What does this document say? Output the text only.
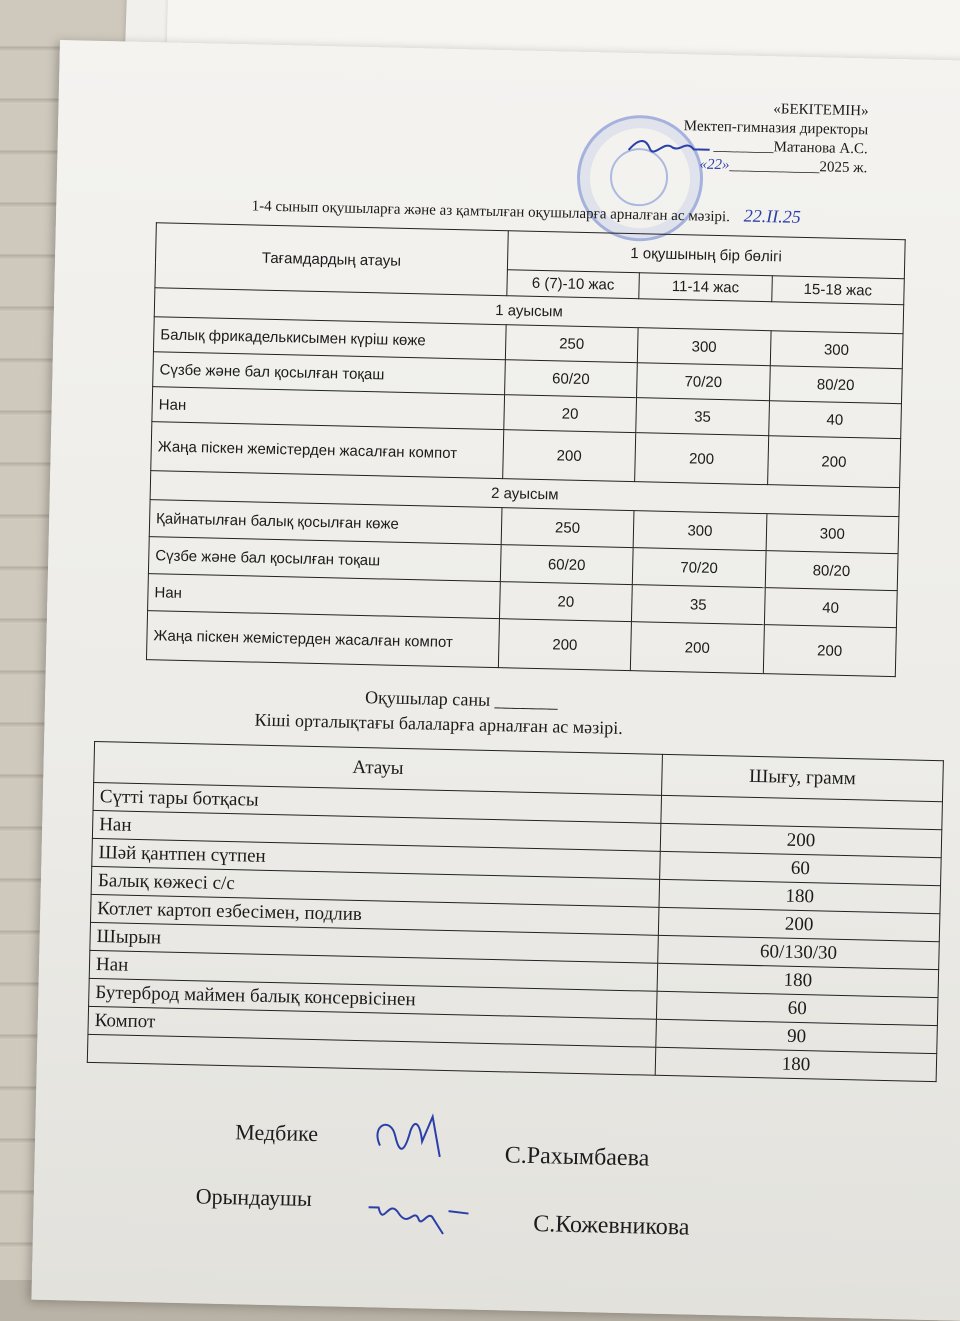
«БЕКІТЕМІН»
Мектеп-гимназия директоры
________Матанова А.С.
«22»____________2025 ж.
1-4 сынып оқушыларға және аз қамтылған оқушыларға арналған ас мәзірі. 22.II.25
Тағамдардың атауы	1 оқушының бір бөлігі		
	6 (7)-10 жас	11-14 жас	15-18 жас
1 ауысым			
Балық фрикаделькисымен күріш көже	250	300	300
Сүзбе және бал қосылған тоқаш	60/20	70/20	80/20
Нан	20	35	40
Жаңа піскен жемістерден жасалған компот	200	200	200
2 ауысым			
Қайнатылған балық қосылған көже	250	300	300
Сүзбе және бал қосылған тоқаш	60/20	70/20	80/20
Нан	20	35	40
Жаңа піскен жемістерден жасалған компот	200	200	200
Оқушылар саны _______
Кіші орталықтағы балаларға арналған ас мәзірі.
Атауы	Шығу, грамм
Сүтті тары ботқасы	
Нан	200
Шәй қантпен сүтпен	60
Балық көжесі с/с	180
Котлет картоп езбесімен, подлив	200
Шырын	60/130/30
Нан	180
Бутерброд маймен балық консервісінен	60
Компот	90
	180
Медбике
С.Рахымбаева
Орындаушы
С.Кожевникова
